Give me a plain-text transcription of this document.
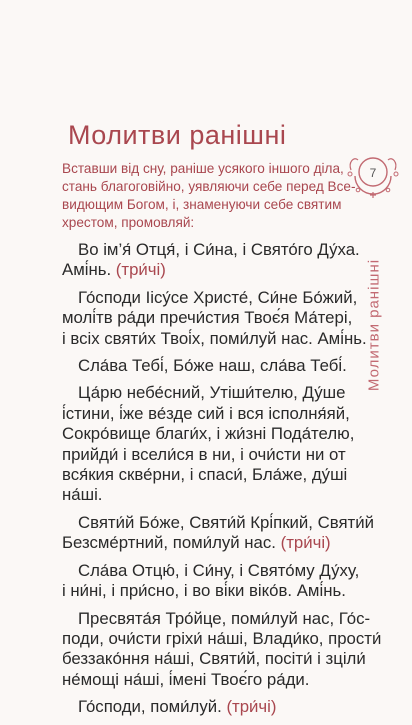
Молитви ранішні
7
Молитви ранішні

Вставши від сну, раніше усякого іншого діла,

стань благоговійно, уявляючи себе перед Все-

видющим Богом, і, знаменуючи себе святим

хрестом, промовляй:

Во ім’я́ Отця́, і Си́на, і Свято́го Ду́ха.
Амі́нь. (три́чі)
Го́споди Іісу́се Христе́, Си́не Бо́жий,
молі́тв ра́ди пречи́стия Твоє́я Ма́тері,
і всіх святи́х Твоі́х, поми́луй нас. Амі́нь.
Сла́ва Тебі́, Бо́же наш, сла́ва Тебі́.
Ца́рю небе́сний, Утіши́телю, Ду́ше
і́стини, і́же ве́зде сий і вся ісполня́яй,
Сокро́вище благи́х, і жи́зні Пода́телю,
прийди́ і всели́ся в ни, і очи́сти ни от
вся́кия скве́рни, і спаси́, Бла́же, ду́ші
на́ші.
Святи́й Бо́же, Святи́й Крі́пкий, Святи́й
Безсме́ртний, поми́луй нас. (три́чі)
Сла́ва Отцю́, і Си́ну, і Свято́му Ду́ху,
і ни́ні, і при́сно, і во ві́ки віко́в. Амі́нь.
Пресвята́я Тро́йце, поми́луй нас, Го́с-
поди, очи́сти гріхи́ на́ші, Влади́ко, прости́
беззако́ння на́ші, Святи́й, посіти́ і зціли́
не́мощі на́ші, і́мені Твоє́го ра́ди.
Го́споди, поми́луй. (три́чі)
